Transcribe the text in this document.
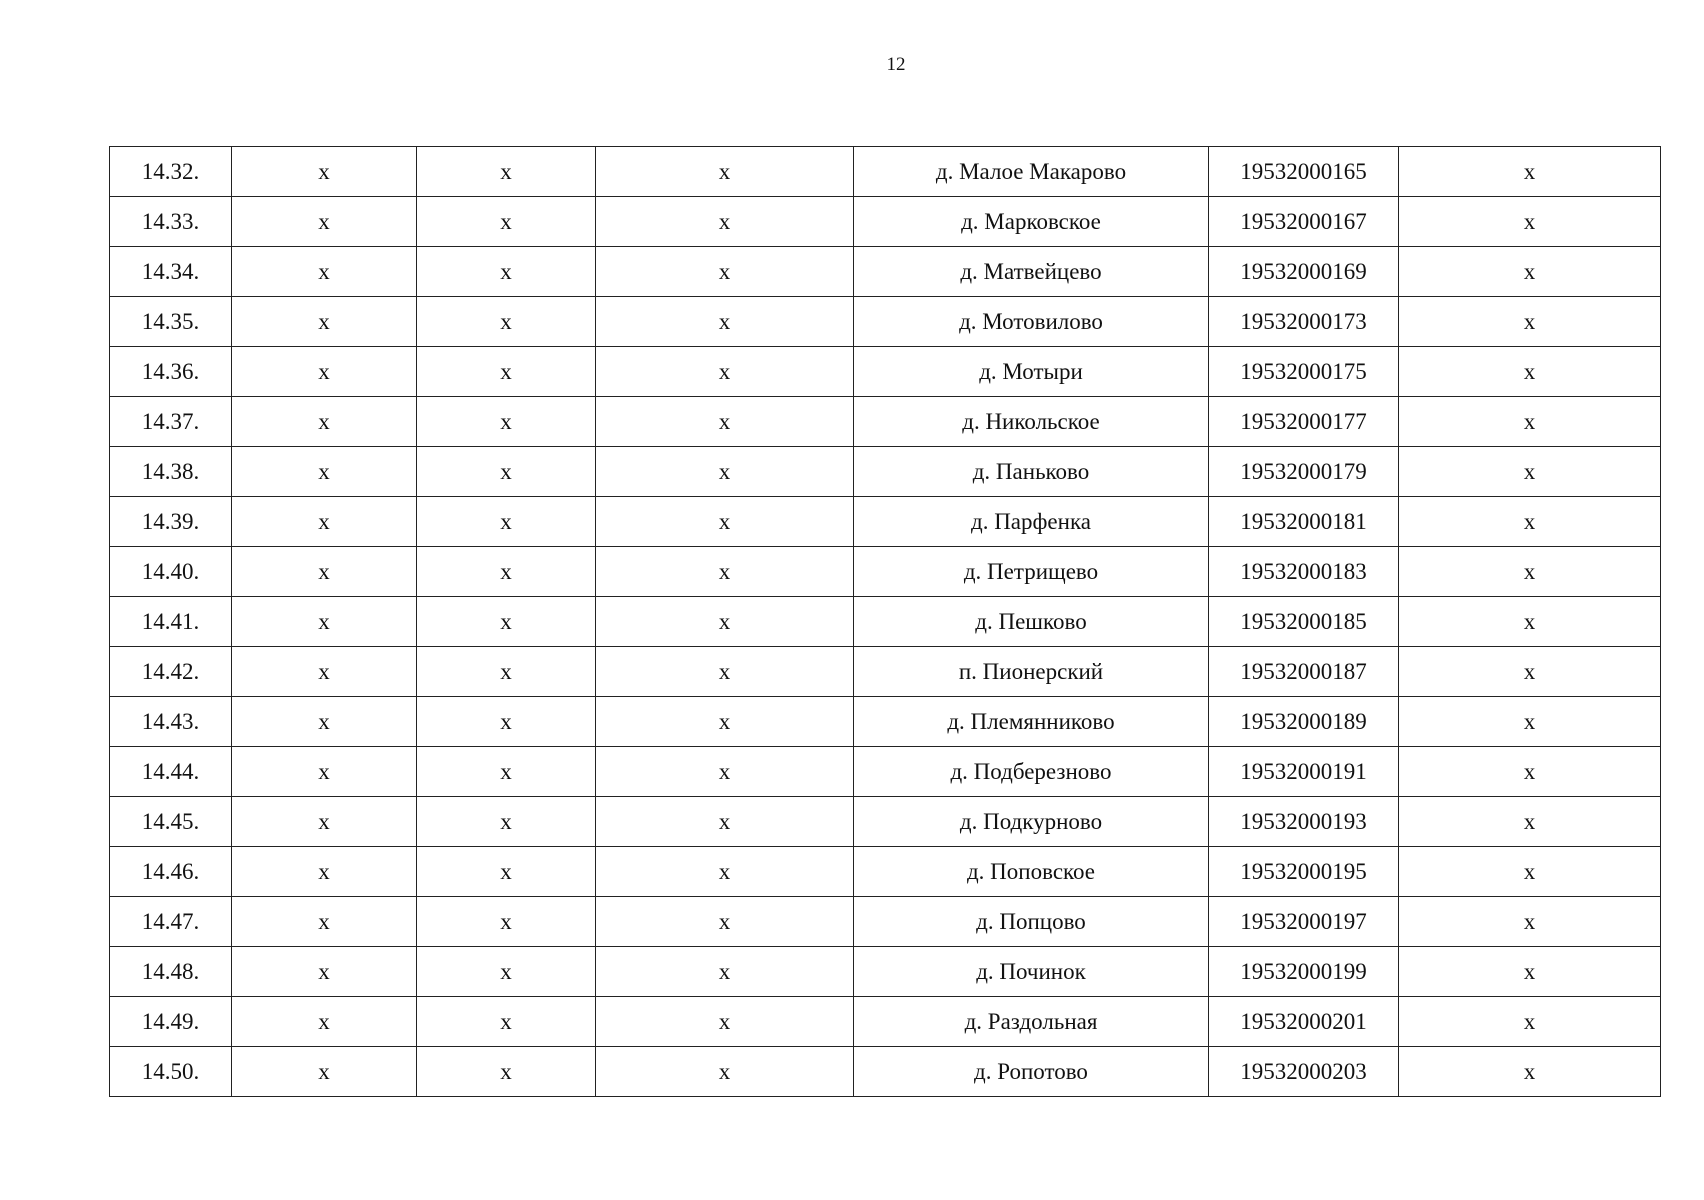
12
14.32.	x	x	x	д. Малое Макарово	19532000165	x
14.33.	x	x	x	д. Марковское	19532000167	x
14.34.	x	x	x	д. Матвейцево	19532000169	x
14.35.	x	x	x	д. Мотовилово	19532000173	x
14.36.	x	x	x	д. Мотыри	19532000175	x
14.37.	x	x	x	д. Никольское	19532000177	x
14.38.	x	x	x	д. Паньково	19532000179	x
14.39.	x	x	x	д. Парфенка	19532000181	x
14.40.	x	x	x	д. Петрищево	19532000183	x
14.41.	x	x	x	д. Пешково	19532000185	x
14.42.	x	x	x	п. Пионерский	19532000187	x
14.43.	x	x	x	д. Племянниково	19532000189	x
14.44.	x	x	x	д. Подберезново	19532000191	x
14.45.	x	x	x	д. Подкурново	19532000193	x
14.46.	x	x	x	д. Поповское	19532000195	x
14.47.	x	x	x	д. Попцово	19532000197	x
14.48.	x	x	x	д. Починок	19532000199	x
14.49.	x	x	x	д. Раздольная	19532000201	x
14.50.	x	x	x	д. Ропотово	19532000203	x
